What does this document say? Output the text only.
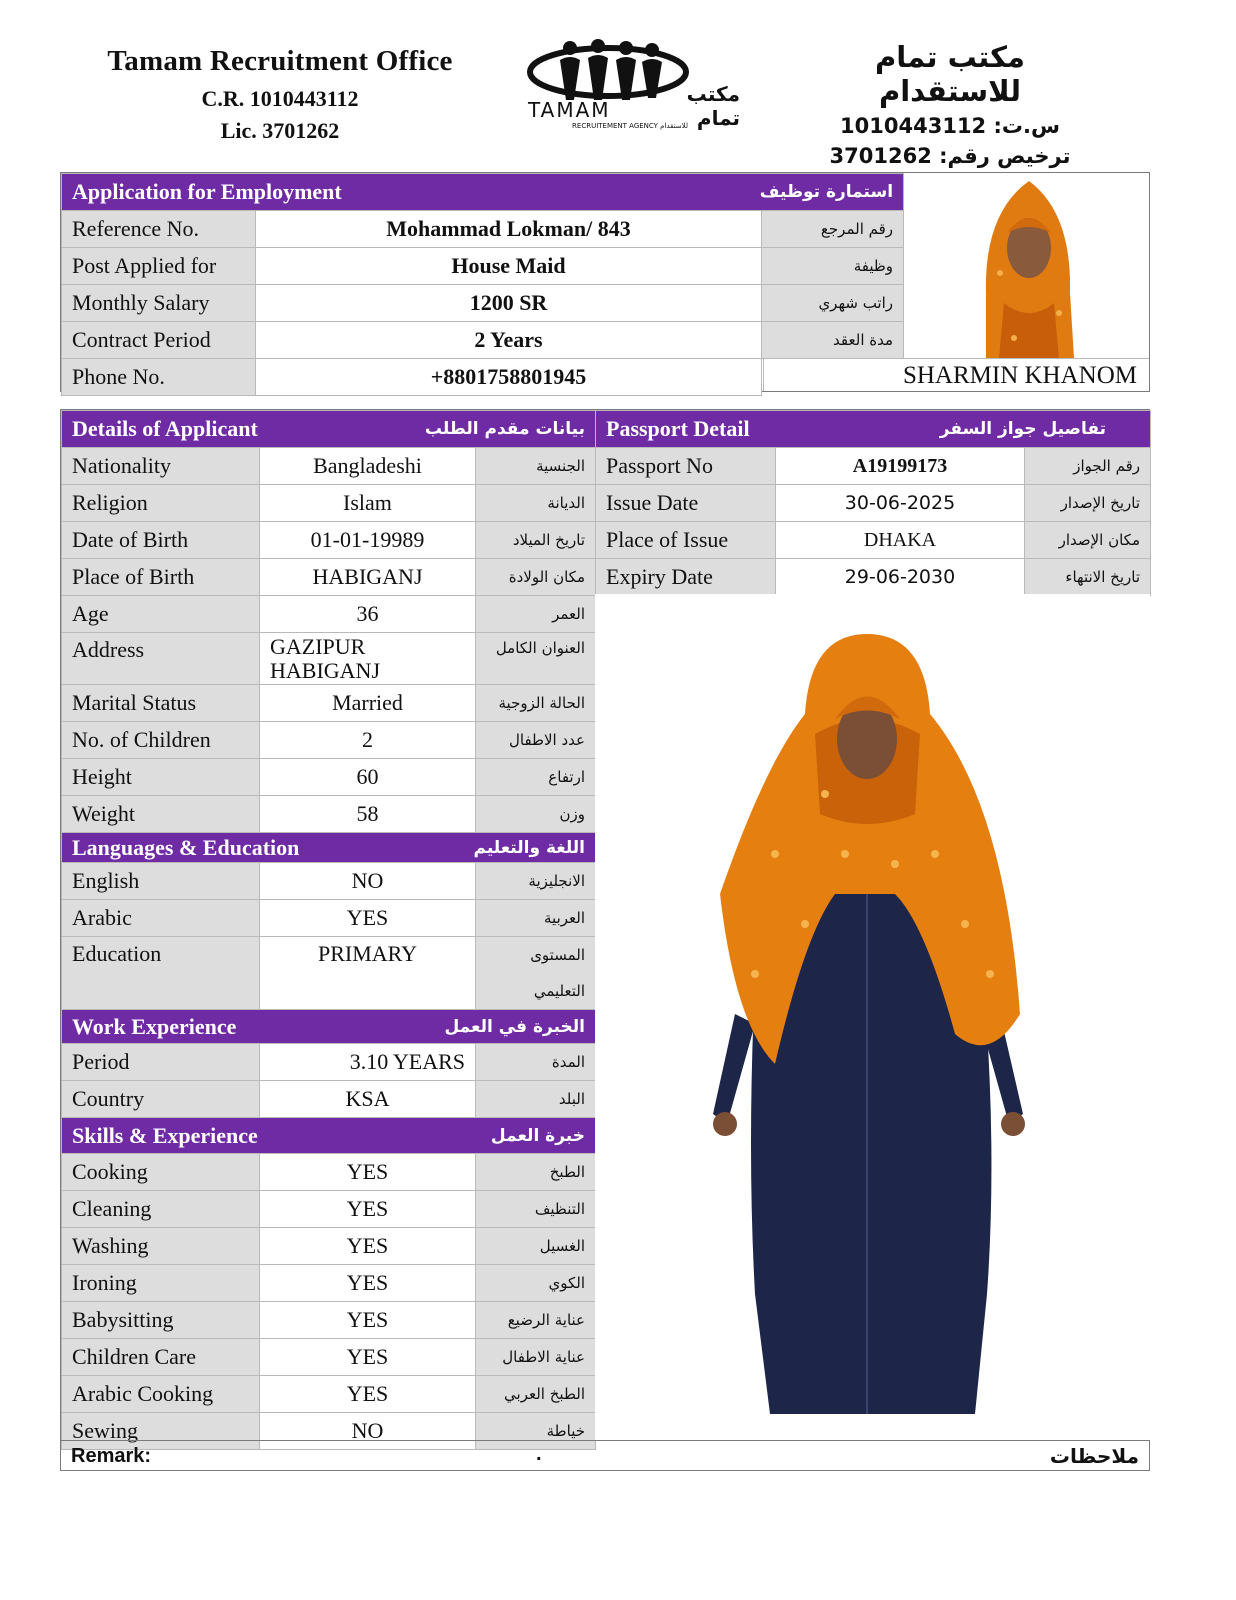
Tamam Recruitment Office
C.R. 1010443112
Lic. 3701262
TAMAM
مكتب تمام
RECRUITEMENT AGENCY للاستقدام
مكتب تمام للاستقدام
س.ت: 1010443112
ترخيص رقم: 3701262
Application for Employment استمارة توظيف		

Reference No.	Mohammad Lokman/ 843	رقم المرجع
Post Applied for	House Maid	وظيفة
Monthly Salary	1200 SR	راتب شهري
Contract Period	2 Years	مدة العقد
Phone No.	+8801758801945		SHARMIN KHANOM
Details of Applicant بيانات مقدم الطلب		

Nationality	Bangladeshi	الجنسية
Religion	Islam	الديانة
Date of Birth	01-01-19989	تاريخ الميلاد
Place of Birth	HABIGANJ	مكان الولادة
Age	36	العمر
Address	GAZIPUR
HABIGANJ	العنوان الكامل
Marital Status	Married	الحالة الزوجية
No. of Children	2	عدد الاطفال
Height	60	ارتفاع
Weight	58	وزن

Languages & Education اللغة والتعليم		

English	NO	الانجليزية
Arabic	YES	العربية
Education	PRIMARY	المستوى
التعليمي

Work Experience الخبرة في العمل		

Period	3.10 YEARS	المدة
Country	KSA	البلد

Skills & Experience خبرة العمل		

Cooking	YES	الطبخ
Cleaning	YES	التنظيف
Washing	YES	الغسيل
Ironing	YES	الكوي
Babysitting	YES	عناية الرضيع
Children Care	YES	عناية الاطفال
Arabic Cooking	YES	الطبخ العربي
Sewing	NO	خياطة
Passport Detail تفاصيل جواز السفر		

Passport No	A19199173	رقم الجواز
Issue Date	30-06-2025	تاريخ الإصدار
Place of Issue	DHAKA	مكان الإصدار
Expiry Date	29-06-2030	تاريخ الانتهاء
Remark:	.	ملاحظات
